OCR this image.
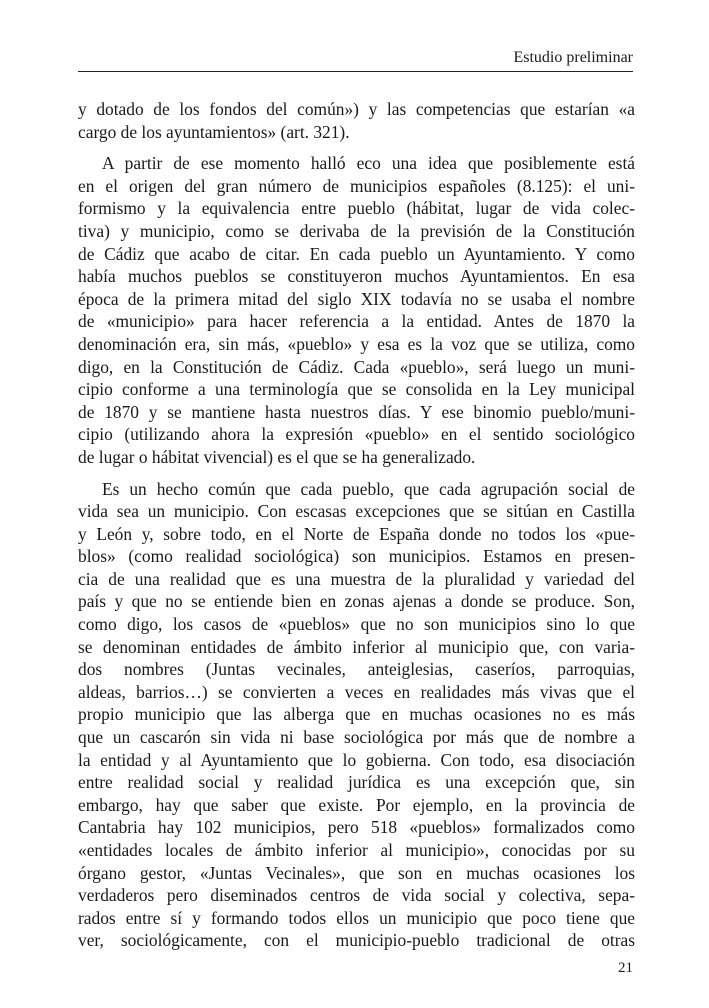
Estudio preliminar

y dotado de los fondos del común») y las competencias que estarían «a
cargo de los ayuntamientos» (art. 321).

A partir de ese momento halló eco una idea que posiblemente está
en el origen del gran número de municipios españoles (8.125): el uni-
formismo y la equivalencia entre pueblo (hábitat, lugar de vida colec-
tiva) y municipio, como se derivaba de la previsión de la Constitución
de Cádiz que acabo de citar. En cada pueblo un Ayuntamiento. Y como
había muchos pueblos se constituyeron muchos Ayuntamientos. En esa
época de la primera mitad del siglo XIX todavía no se usaba el nombre
de «municipio» para hacer referencia a la entidad. Antes de 1870 la
denominación era, sin más, «pueblo» y esa es la voz que se utiliza, como
digo, en la Constitución de Cádiz. Cada «pueblo», será luego un muni-
cipio conforme a una terminología que se consolida en la Ley municipal
de 1870 y se mantiene hasta nuestros días. Y ese binomio pueblo/muni-
cipio (utilizando ahora la expresión «pueblo» en el sentido sociológico
de lugar o hábitat vivencial) es el que se ha generalizado.

Es un hecho común que cada pueblo, que cada agrupación social de
vida sea un municipio. Con escasas excepciones que se sitúan en Castilla
y León y, sobre todo, en el Norte de España donde no todos los «pue-
blos» (como realidad sociológica) son municipios. Estamos en presen-
cia de una realidad que es una muestra de la pluralidad y variedad del
país y que no se entiende bien en zonas ajenas a donde se produce. Son,
como digo, los casos de «pueblos» que no son municipios sino lo que
se denominan entidades de ámbito inferior al municipio que, con varia-
dos nombres (Juntas vecinales, anteiglesias, caseríos, parroquias,
aldeas, barrios…) se convierten a veces en realidades más vivas que el
propio municipio que las alberga que en muchas ocasiones no es más
que un cascarón sin vida ni base sociológica por más que de nombre a
la entidad y al Ayuntamiento que lo gobierna. Con todo, esa disociación
entre realidad social y realidad jurídica es una excepción que, sin
embargo, hay que saber que existe. Por ejemplo, en la provincia de
Cantabria hay 102 municipios, pero 518 «pueblos» formalizados como
«entidades locales de ámbito inferior al municipio», conocidas por su
órgano gestor, «Juntas Vecinales», que son en muchas ocasiones los
verdaderos pero diseminados centros de vida social y colectiva, sepa-
rados entre sí y formando todos ellos un municipio que poco tiene que
ver, sociológicamente, con el municipio-pueblo tradicional de otras

21
